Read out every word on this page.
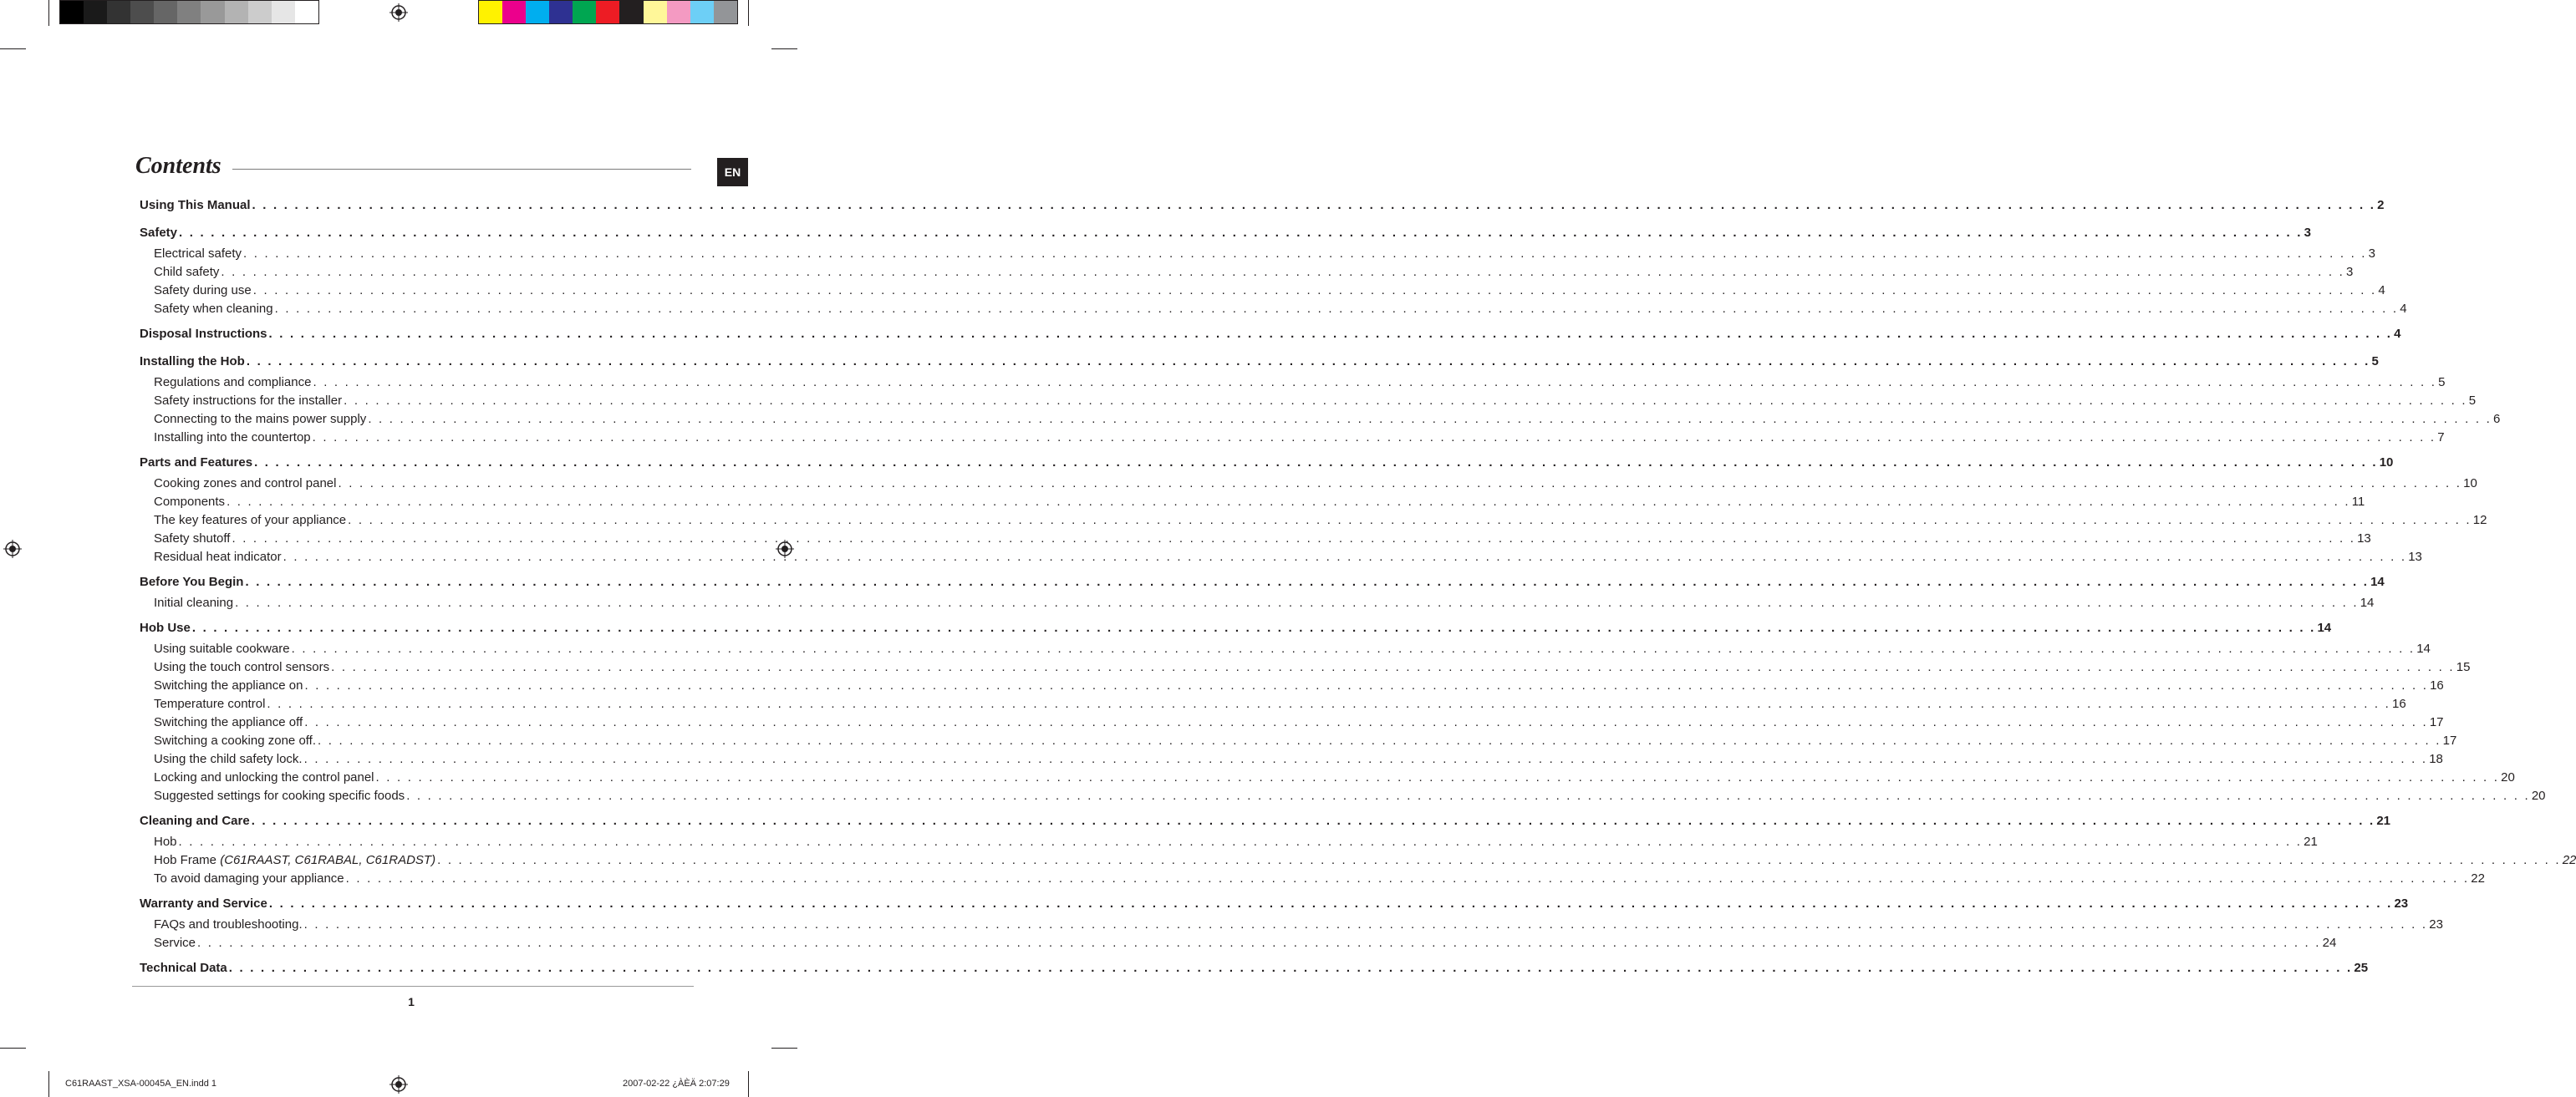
Contents	EN
Using This Manual . . . . . . . . . . . . . . . . . . . . . . . . . . . . . . . . . . . . . . . . . . . . . . . . . . . . . . . . . . . . . . . . . . . . . . . . . . . . . . . . . . . . . . . . . . . . . . . . . . . . . . . . . . . . . . . . . . . . . . . . . . . . . . . . . . . . . . . . . . . . . . . . . . . . . . . . . . . . . . . . . . . . . . . . . . . . . . . . . . . . . . . . . . . . . . . . . . . . . . . . 2
Safety . . . . . . . . . . . . . . . . . . . . . . . . . . . . . . . . . . . . . . . . . . . . . . . . . . . . . . . . . . . . . . . . . . . . . . . . . . . . . . . . . . . . . . . . . . . . . . . . . . . . . . . . . . . . . . . . . . . . . . . . . . . . . . . . . . . . . . . . . . . . . . . . . . . . . . . . . . . . . . . . . . . . . . . . . . . . . . . . . . . . . . . . . . . . . . . . . . . . . . . . 3
Electrical safety . . . . . . . . . . . . . . . . . . . . . . . . . . . . . . . . . . . . . . . . . . . . . . . . . . . . . . . . . . . . . . . . . . . . . . . . . . . . . . . . . . . . . . . . . . . . . . . . . . . . . . . . . . . . . . . . . . . . . . . . . . . . . . . . . . . . . . . . . . . . . . . . . . . . . . . . . . . . . . . . . . . . . . . . . . . . . . . . . . . . . . . . . . . . . . . . . . . . . . . . 3
Child safety . . . . . . . . . . . . . . . . . . . . . . . . . . . . . . . . . . . . . . . . . . . . . . . . . . . . . . . . . . . . . . . . . . . . . . . . . . . . . . . . . . . . . . . . . . . . . . . . . . . . . . . . . . . . . . . . . . . . . . . . . . . . . . . . . . . . . . . . . . . . . . . . . . . . . . . . . . . . . . . . . . . . . . . . . . . . . . . . . . . . . . . . . . . . . . . . . . . . . . . . 3
Safety during use . . . . . . . . . . . . . . . . . . . . . . . . . . . . . . . . . . . . . . . . . . . . . . . . . . . . . . . . . . . . . . . . . . . . . . . . . . . . . . . . . . . . . . . . . . . . . . . . . . . . . . . . . . . . . . . . . . . . . . . . . . . . . . . . . . . . . . . . . . . . . . . . . . . . . . . . . . . . . . . . . . . . . . . . . . . . . . . . . . . . . . . . . . . . . . . . . . . . . . . . 4
Safety when cleaning . . . . . . . . . . . . . . . . . . . . . . . . . . . . . . . . . . . . . . . . . . . . . . . . . . . . . . . . . . . . . . . . . . . . . . . . . . . . . . . . . . . . . . . . . . . . . . . . . . . . . . . . . . . . . . . . . . . . . . . . . . . . . . . . . . . . . . . . . . . . . . . . . . . . . . . . . . . . . . . . . . . . . . . . . . . . . . . . . . . . . . . . . . . . . . . . . . . . . . . . 4
Disposal Instructions . . . . . . . . . . . . . . . . . . . . . . . . . . . . . . . . . . . . . . . . . . . . . . . . . . . . . . . . . . . . . . . . . . . . . . . . . . . . . . . . . . . . . . . . . . . . . . . . . . . . . . . . . . . . . . . . . . . . . . . . . . . . . . . . . . . . . . . . . . . . . . . . . . . . . . . . . . . . . . . . . . . . . . . . . . . . . . . . . . . . . . . . . . . . . . . . . . . . . . . . 4
Installing the Hob . . . . . . . . . . . . . . . . . . . . . . . . . . . . . . . . . . . . . . . . . . . . . . . . . . . . . . . . . . . . . . . . . . . . . . . . . . . . . . . . . . . . . . . . . . . . . . . . . . . . . . . . . . . . . . . . . . . . . . . . . . . . . . . . . . . . . . . . . . . . . . . . . . . . . . . . . . . . . . . . . . . . . . . . . . . . . . . . . . . . . . . . . . . . . . . . . . . . . . . . 5
Regulations and compliance . . . . . . . . . . . . . . . . . . . . . . . . . . . . . . . . . . . . . . . . . . . . . . . . . . . . . . . . . . . . . . . . . . . . . . . . . . . . . . . . . . . . . . . . . . . . . . . . . . . . . . . . . . . . . . . . . . . . . . . . . . . . . . . . . . . . . . . . . . . . . . . . . . . . . . . . . . . . . . . . . . . . . . . . . . . . . . . . . . . . . . . . . . . . . . . . . . . . . . . . 5
Safety instructions for the installer . . . . . . . . . . . . . . . . . . . . . . . . . . . . . . . . . . . . . . . . . . . . . . . . . . . . . . . . . . . . . . . . . . . . . . . . . . . . . . . . . . . . . . . . . . . . . . . . . . . . . . . . . . . . . . . . . . . . . . . . . . . . . . . . . . . . . . . . . . . . . . . . . . . . . . . . . . . . . . . . . . . . . . . . . . . . . . . . . . . . . . . . . . . . . . . . . . . . . . . . 5
Connecting to the mains power supply . . . . . . . . . . . . . . . . . . . . . . . . . . . . . . . . . . . . . . . . . . . . . . . . . . . . . . . . . . . . . . . . . . . . . . . . . . . . . . . . . . . . . . . . . . . . . . . . . . . . . . . . . . . . . . . . . . . . . . . . . . . . . . . . . . . . . . . . . . . . . . . . . . . . . . . . . . . . . . . . . . . . . . . . . . . . . . . . . . . . . . . . . . . . . . . . . . . . . . . . 6
Installing into the countertop . . . . . . . . . . . . . . . . . . . . . . . . . . . . . . . . . . . . . . . . . . . . . . . . . . . . . . . . . . . . . . . . . . . . . . . . . . . . . . . . . . . . . . . . . . . . . . . . . . . . . . . . . . . . . . . . . . . . . . . . . . . . . . . . . . . . . . . . . . . . . . . . . . . . . . . . . . . . . . . . . . . . . . . . . . . . . . . . . . . . . . . . . . . . . . . . . . . . . . . . 7
Parts and Features . . . . . . . . . . . . . . . . . . . . . . . . . . . . . . . . . . . . . . . . . . . . . . . . . . . . . . . . . . . . . . . . . . . . . . . . . . . . . . . . . . . . . . . . . . . . . . . . . . . . . . . . . . . . . . . . . . . . . . . . . . . . . . . . . . . . . . . . . . . . . . . . . . . . . . . . . . . . . . . . . . . . . . . . . . . . . . . . . . . . . . . . . . . . . . . . . . . . . . . . 10
Cooking zones and control panel . . . . . . . . . . . . . . . . . . . . . . . . . . . . . . . . . . . . . . . . . . . . . . . . . . . . . . . . . . . . . . . . . . . . . . . . . . . . . . . . . . . . . . . . . . . . . . . . . . . . . . . . . . . . . . . . . . . . . . . . . . . . . . . . . . . . . . . . . . . . . . . . . . . . . . . . . . . . . . . . . . . . . . . . . . . . . . . . . . . . . . . . . . . . . . . . . . . . . . . . 10
Components . . . . . . . . . . . . . . . . . . . . . . . . . . . . . . . . . . . . . . . . . . . . . . . . . . . . . . . . . . . . . . . . . . . . . . . . . . . . . . . . . . . . . . . . . . . . . . . . . . . . . . . . . . . . . . . . . . . . . . . . . . . . . . . . . . . . . . . . . . . . . . . . . . . . . . . . . . . . . . . . . . . . . . . . . . . . . . . . . . . . . . . . . . . . . . . . . . . . . . . . 11
The key features of your appliance . . . . . . . . . . . . . . . . . . . . . . . . . . . . . . . . . . . . . . . . . . . . . . . . . . . . . . . . . . . . . . . . . . . . . . . . . . . . . . . . . . . . . . . . . . . . . . . . . . . . . . . . . . . . . . . . . . . . . . . . . . . . . . . . . . . . . . . . . . . . . . . . . . . . . . . . . . . . . . . . . . . . . . . . . . . . . . . . . . . . . . . . . . . . . . . . . . . . . . . . 12
Safety shutoff . . . . . . . . . . . . . . . . . . . . . . . . . . . . . . . . . . . . . . . . . . . . . . . . . . . . . . . . . . . . . . . . . . . . . . . . . . . . . . . . . . . . . . . . . . . . . . . . . . . . . . . . . . . . . . . . . . . . . . . . . . . . . . . . . . . . . . . . . . . . . . . . . . . . . . . . . . . . . . . . . . . . . . . . . . . . . . . . . . . . . . . . . . . . . . . . . . . . . . . . 13
Residual heat indicator . . . . . . . . . . . . . . . . . . . . . . . . . . . . . . . . . . . . . . . . . . . . . . . . . . . . . . . . . . . . . . . . . . . . . . . . . . . . . . . . . . . . . . . . . . . . . . . . . . . . . . . . . . . . . . . . . . . . . . . . . . . . . . . . . . . . . . . . . . . . . . . . . . . . . . . . . . . . . . . . . . . . . . . . . . . . . . . . . . . . . . . . . . . . . . . . . . . . . . . . 13
Before You Begin . . . . . . . . . . . . . . . . . . . . . . . . . . . . . . . . . . . . . . . . . . . . . . . . . . . . . . . . . . . . . . . . . . . . . . . . . . . . . . . . . . . . . . . . . . . . . . . . . . . . . . . . . . . . . . . . . . . . . . . . . . . . . . . . . . . . . . . . . . . . . . . . . . . . . . . . . . . . . . . . . . . . . . . . . . . . . . . . . . . . . . . . . . . . . . . . . . . . . . . . 14
Initial cleaning . . . . . . . . . . . . . . . . . . . . . . . . . . . . . . . . . . . . . . . . . . . . . . . . . . . . . . . . . . . . . . . . . . . . . . . . . . . . . . . . . . . . . . . . . . . . . . . . . . . . . . . . . . . . . . . . . . . . . . . . . . . . . . . . . . . . . . . . . . . . . . . . . . . . . . . . . . . . . . . . . . . . . . . . . . . . . . . . . . . . . . . . . . . . . . . . . . . . . . . . 14
Hob Use . . . . . . . . . . . . . . . . . . . . . . . . . . . . . . . . . . . . . . . . . . . . . . . . . . . . . . . . . . . . . . . . . . . . . . . . . . . . . . . . . . . . . . . . . . . . . . . . . . . . . . . . . . . . . . . . . . . . . . . . . . . . . . . . . . . . . . . . . . . . . . . . . . . . . . . . . . . . . . . . . . . . . . . . . . . . . . . . . . . . . . . . . . . . . . . . . . . . . . . . 14
Using suitable cookware . . . . . . . . . . . . . . . . . . . . . . . . . . . . . . . . . . . . . . . . . . . . . . . . . . . . . . . . . . . . . . . . . . . . . . . . . . . . . . . . . . . . . . . . . . . . . . . . . . . . . . . . . . . . . . . . . . . . . . . . . . . . . . . . . . . . . . . . . . . . . . . . . . . . . . . . . . . . . . . . . . . . . . . . . . . . . . . . . . . . . . . . . . . . . . . . . . . . . . . . 14
Using the touch control sensors . . . . . . . . . . . . . . . . . . . . . . . . . . . . . . . . . . . . . . . . . . . . . . . . . . . . . . . . . . . . . . . . . . . . . . . . . . . . . . . . . . . . . . . . . . . . . . . . . . . . . . . . . . . . . . . . . . . . . . . . . . . . . . . . . . . . . . . . . . . . . . . . . . . . . . . . . . . . . . . . . . . . . . . . . . . . . . . . . . . . . . . . . . . . . . . . . . . . . . . . 15
Switching the appliance on . . . . . . . . . . . . . . . . . . . . . . . . . . . . . . . . . . . . . . . . . . . . . . . . . . . . . . . . . . . . . . . . . . . . . . . . . . . . . . . . . . . . . . . . . . . . . . . . . . . . . . . . . . . . . . . . . . . . . . . . . . . . . . . . . . . . . . . . . . . . . . . . . . . . . . . . . . . . . . . . . . . . . . . . . . . . . . . . . . . . . . . . . . . . . . . . . . . . . . . . 16
Temperature control . . . . . . . . . . . . . . . . . . . . . . . . . . . . . . . . . . . . . . . . . . . . . . . . . . . . . . . . . . . . . . . . . . . . . . . . . . . . . . . . . . . . . . . . . . . . . . . . . . . . . . . . . . . . . . . . . . . . . . . . . . . . . . . . . . . . . . . . . . . . . . . . . . . . . . . . . . . . . . . . . . . . . . . . . . . . . . . . . . . . . . . . . . . . . . . . . . . . . . . . 16
Switching the appliance off . . . . . . . . . . . . . . . . . . . . . . . . . . . . . . . . . . . . . . . . . . . . . . . . . . . . . . . . . . . . . . . . . . . . . . . . . . . . . . . . . . . . . . . . . . . . . . . . . . . . . . . . . . . . . . . . . . . . . . . . . . . . . . . . . . . . . . . . . . . . . . . . . . . . . . . . . . . . . . . . . . . . . . . . . . . . . . . . . . . . . . . . . . . . . . . . . . . . . . . . 17
Switching a cooking zone off. . . . . . . . . . . . . . . . . . . . . . . . . . . . . . . . . . . . . . . . . . . . . . . . . . . . . . . . . . . . . . . . . . . . . . . . . . . . . . . . . . . . . . . . . . . . . . . . . . . . . . . . . . . . . . . . . . . . . . . . . . . . . . . . . . . . . . . . . . . . . . . . . . . . . . . . . . . . . . . . . . . . . . . . . . . . . . . . . . . . . . . . . . . . . . . . . . . . . . . . . 17
Using the child safety lock. . . . . . . . . . . . . . . . . . . . . . . . . . . . . . . . . . . . . . . . . . . . . . . . . . . . . . . . . . . . . . . . . . . . . . . . . . . . . . . . . . . . . . . . . . . . . . . . . . . . . . . . . . . . . . . . . . . . . . . . . . . . . . . . . . . . . . . . . . . . . . . . . . . . . . . . . . . . . . . . . . . . . . . . . . . . . . . . . . . . . . . . . . . . . . . . . . . . . . . . . 18
Locking and unlocking the control panel . . . . . . . . . . . . . . . . . . . . . . . . . . . . . . . . . . . . . . . . . . . . . . . . . . . . . . . . . . . . . . . . . . . . . . . . . . . . . . . . . . . . . . . . . . . . . . . . . . . . . . . . . . . . . . . . . . . . . . . . . . . . . . . . . . . . . . . . . . . . . . . . . . . . . . . . . . . . . . . . . . . . . . . . . . . . . . . . . . . . . . . . . . . . . . . . . . . . . . . . 20
Suggested settings for cooking specific foods . . . . . . . . . . . . . . . . . . . . . . . . . . . . . . . . . . . . . . . . . . . . . . . . . . . . . . . . . . . . . . . . . . . . . . . . . . . . . . . . . . . . . . . . . . . . . . . . . . . . . . . . . . . . . . . . . . . . . . . . . . . . . . . . . . . . . . . . . . . . . . . . . . . . . . . . . . . . . . . . . . . . . . . . . . . . . . . . . . . . . . . . . . . . . . . . . . . . . . . . 20
Cleaning and Care . . . . . . . . . . . . . . . . . . . . . . . . . . . . . . . . . . . . . . . . . . . . . . . . . . . . . . . . . . . . . . . . . . . . . . . . . . . . . . . . . . . . . . . . . . . . . . . . . . . . . . . . . . . . . . . . . . . . . . . . . . . . . . . . . . . . . . . . . . . . . . . . . . . . . . . . . . . . . . . . . . . . . . . . . . . . . . . . . . . . . . . . . . . . . . . . . . . . . . . . 21
Hob . . . . . . . . . . . . . . . . . . . . . . . . . . . . . . . . . . . . . . . . . . . . . . . . . . . . . . . . . . . . . . . . . . . . . . . . . . . . . . . . . . . . . . . . . . . . . . . . . . . . . . . . . . . . . . . . . . . . . . . . . . . . . . . . . . . . . . . . . . . . . . . . . . . . . . . . . . . . . . . . . . . . . . . . . . . . . . . . . . . . . . . . . . . . . . . . . . . . . . . . 21
Hob Frame (C61RAAST, C61RABAL, C61RADST) . . . . . . . . . . . . . . . . . . . . . . . . . . . . . . . . . . . . . . . . . . . . . . . . . . . . . . . . . . . . . . . . . . . . . . . . . . . . . . . . . . . . . . . . . . . . . . . . . . . . . . . . . . . . . . . . . . . . . . . . . . . . . . . . . . . . . . . . . . . . . . . . . . . . . . . . . . . . . . . . . . . . . . . . . . . . . . . . . . . . . . . . . . . . . . . . . . . . . . . . 22
To avoid damaging your appliance . . . . . . . . . . . . . . . . . . . . . . . . . . . . . . . . . . . . . . . . . . . . . . . . . . . . . . . . . . . . . . . . . . . . . . . . . . . . . . . . . . . . . . . . . . . . . . . . . . . . . . . . . . . . . . . . . . . . . . . . . . . . . . . . . . . . . . . . . . . . . . . . . . . . . . . . . . . . . . . . . . . . . . . . . . . . . . . . . . . . . . . . . . . . . . . . . . . . . . . . 22
Warranty and Service . . . . . . . . . . . . . . . . . . . . . . . . . . . . . . . . . . . . . . . . . . . . . . . . . . . . . . . . . . . . . . . . . . . . . . . . . . . . . . . . . . . . . . . . . . . . . . . . . . . . . . . . . . . . . . . . . . . . . . . . . . . . . . . . . . . . . . . . . . . . . . . . . . . . . . . . . . . . . . . . . . . . . . . . . . . . . . . . . . . . . . . . . . . . . . . . . . . . . . . . 23
FAQs and troubleshooting. . . . . . . . . . . . . . . . . . . . . . . . . . . . . . . . . . . . . . . . . . . . . . . . . . . . . . . . . . . . . . . . . . . . . . . . . . . . . . . . . . . . . . . . . . . . . . . . . . . . . . . . . . . . . . . . . . . . . . . . . . . . . . . . . . . . . . . . . . . . . . . . . . . . . . . . . . . . . . . . . . . . . . . . . . . . . . . . . . . . . . . . . . . . . . . . . . . . . . . . . 23
Service . . . . . . . . . . . . . . . . . . . . . . . . . . . . . . . . . . . . . . . . . . . . . . . . . . . . . . . . . . . . . . . . . . . . . . . . . . . . . . . . . . . . . . . . . . . . . . . . . . . . . . . . . . . . . . . . . . . . . . . . . . . . . . . . . . . . . . . . . . . . . . . . . . . . . . . . . . . . . . . . . . . . . . . . . . . . . . . . . . . . . . . . . . . . . . . . . . . . . . . . 24
Technical Data . . . . . . . . . . . . . . . . . . . . . . . . . . . . . . . . . . . . . . . . . . . . . . . . . . . . . . . . . . . . . . . . . . . . . . . . . . . . . . . . . . . . . . . . . . . . . . . . . . . . . . . . . . . . . . . . . . . . . . . . . . . . . . . . . . . . . . . . . . . . . . . . . . . . . . . . . . . . . . . . . . . . . . . . . . . . . . . . . . . . . . . . . . . . . . . . . . . . . . . . 25
1
C61RAAST_XSA-00045A_EN.indd 1	2007-02-22 ¿ÀÈÄ 2:07:29
